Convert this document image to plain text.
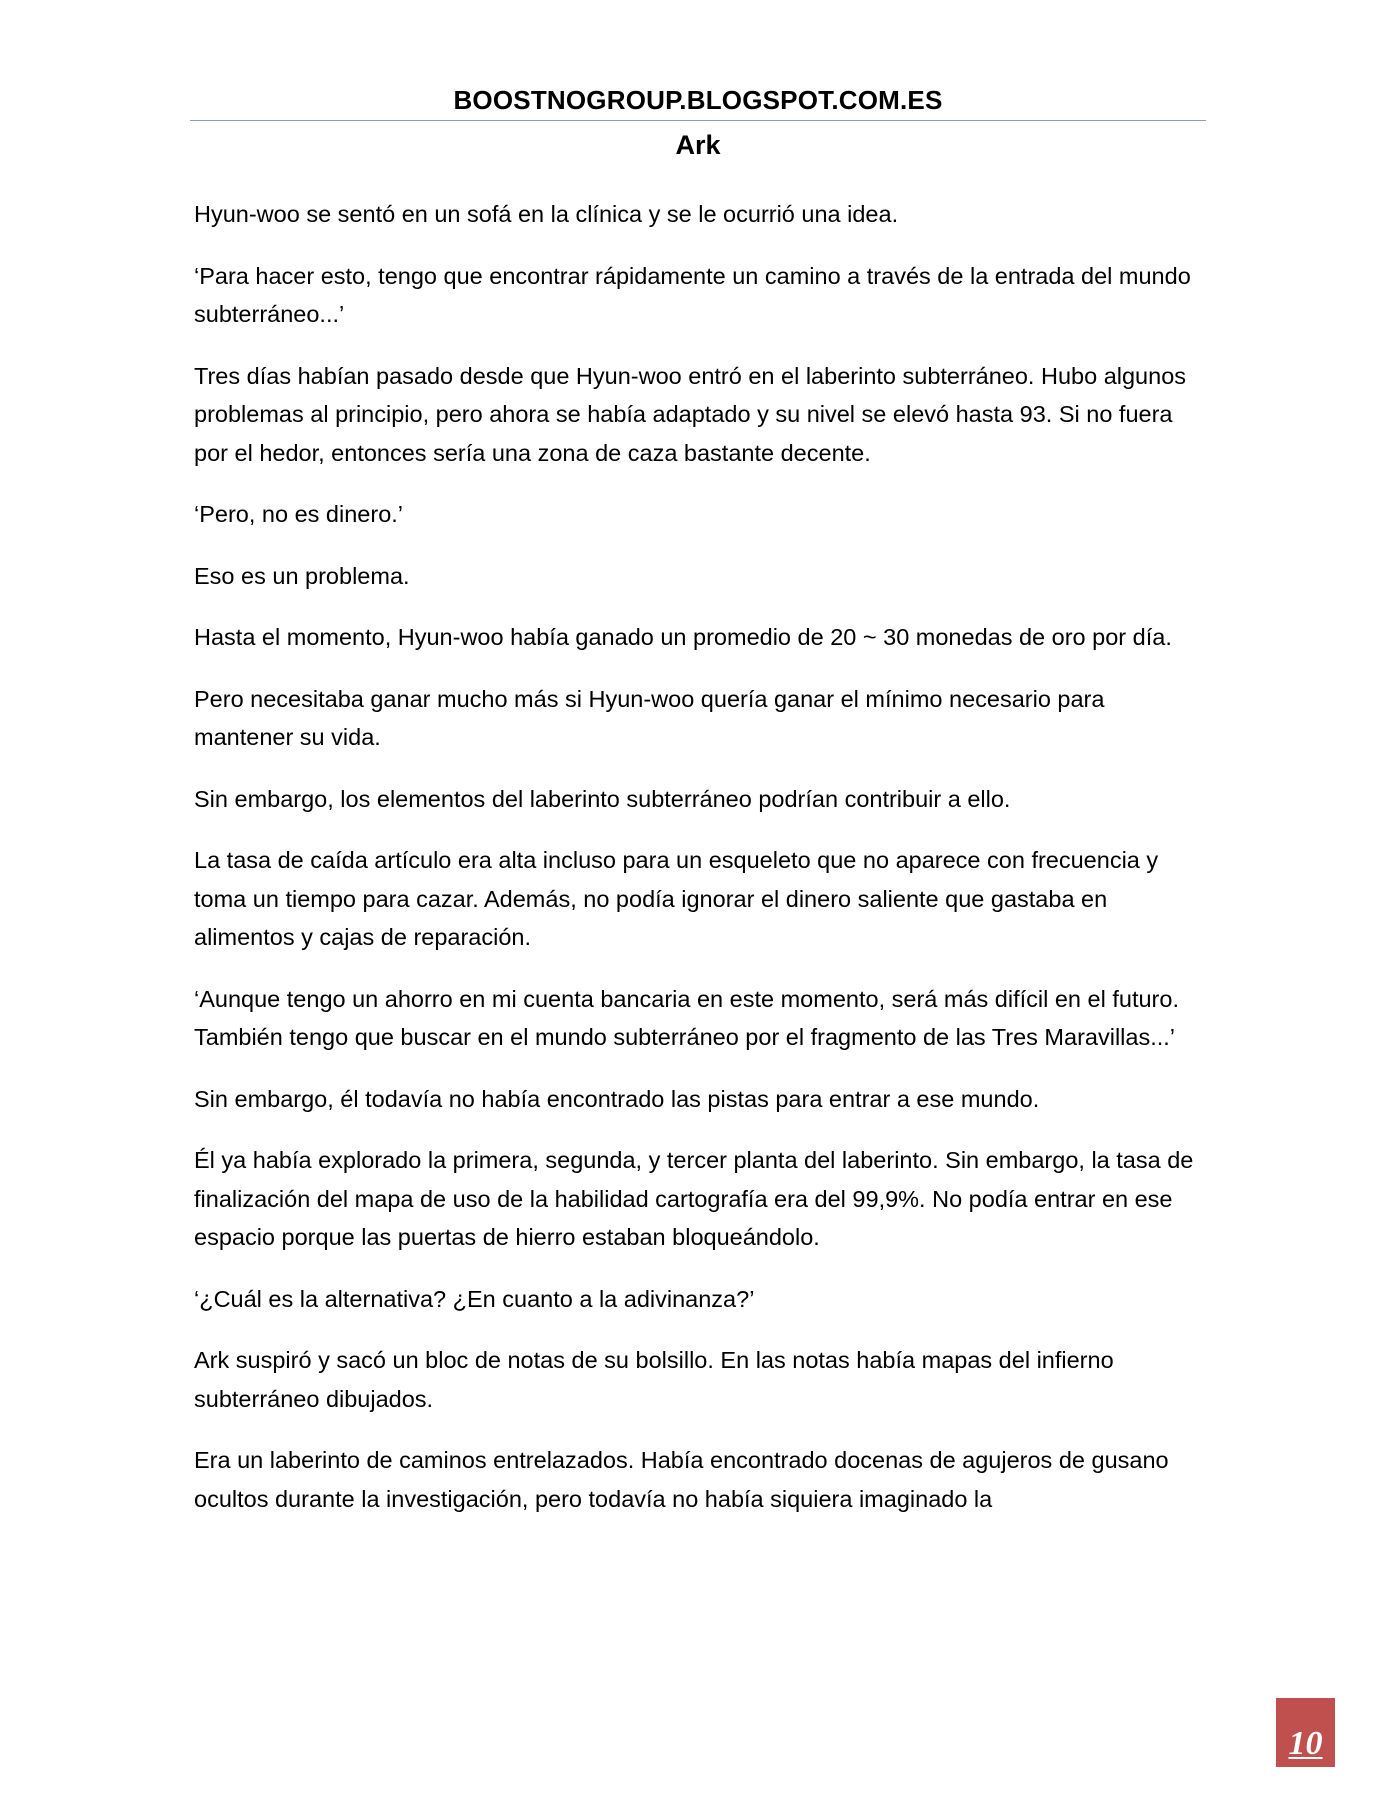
BOOSTNOGROUP.BLOGSPOT.COM.ES

Ark

Hyun-woo se sentó en un sofá en la clínica y se le ocurrió una idea.

‘Para hacer esto, tengo que encontrar rápidamente un camino a través de la entrada del mundo subterráneo...’

Tres días habían pasado desde que Hyun-woo entró en el laberinto subterráneo. Hubo algunos problemas al principio, pero ahora se había adaptado y su nivel se elevó hasta 93. Si no fuera por el hedor, entonces sería una zona de caza bastante decente.

‘Pero, no es dinero.’

Eso es un problema.

Hasta el momento, Hyun-woo había ganado un promedio de 20 ~ 30 monedas de oro por día.

Pero necesitaba ganar mucho más si Hyun-woo quería ganar el mínimo necesario para mantener su vida.

Sin embargo, los elementos del laberinto subterráneo podrían contribuir a ello.

La tasa de caída artículo era alta incluso para un esqueleto que no aparece con frecuencia y toma un tiempo para cazar. Además, no podía ignorar el dinero saliente que gastaba en alimentos y cajas de reparación.

‘Aunque tengo un ahorro en mi cuenta bancaria en este momento, será más difícil en el futuro. También tengo que buscar en el mundo subterráneo por el fragmento de las Tres Maravillas...’

Sin embargo, él todavía no había encontrado las pistas para entrar a ese mundo.

Él ya había explorado la primera, segunda, y tercer planta del laberinto. Sin embargo, la tasa de finalización del mapa de uso de la habilidad cartografía era del 99,9%. No podía entrar en ese espacio porque las puertas de hierro estaban bloqueándolo.

‘¿Cuál es la alternativa? ¿En cuanto a la adivinanza?’

Ark suspiró y sacó un bloc de notas de su bolsillo. En las notas había mapas del infierno subterráneo dibujados.

Era un laberinto de caminos entrelazados. Había encontrado docenas de agujeros de gusano ocultos durante la investigación, pero todavía no había siquiera imaginado la

10
